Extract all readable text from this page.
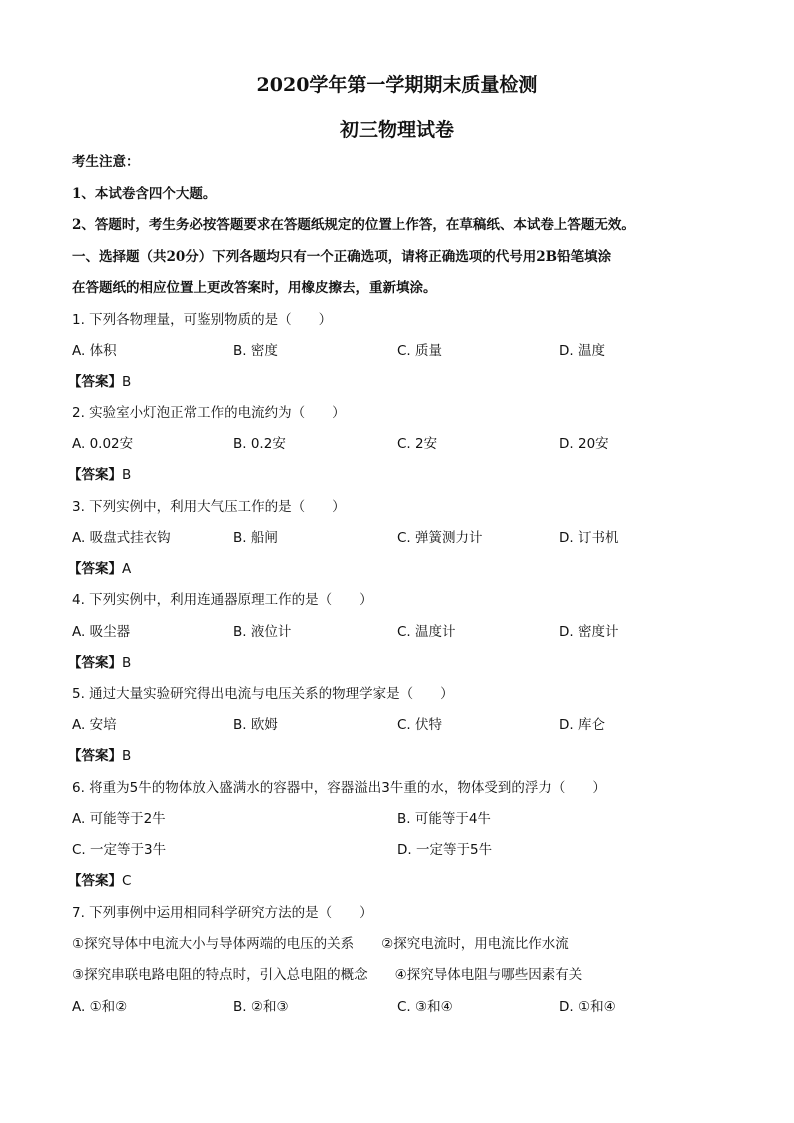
2020学年第一学期期末质量检测
初三物理试卷
考生注意：
1、本试卷含四个大题。
2、答题时，考生务必按答题要求在答题纸规定的位置上作答，在草稿纸、本试卷上答题无效。
一、选择题（共20分）下列各题均只有一个正确选项，请将正确选项的代号用2B铅笔填涂
在答题纸的相应位置上更改答案时，用橡皮擦去，重新填涂。
1. 下列各物理量，可鉴别物质的是（　　）
A. 体积	B. 密度	C. 质量	D. 温度
【答案】B
2. 实验室小灯泡正常工作的电流约为（　　）
A. 0.02安	B. 0.2安	C. 2安	D. 20安
【答案】B
3. 下列实例中，利用大气压工作的是（　　）
A. 吸盘式挂衣钩	B. 船闸	C. 弹簧测力计	D. 订书机
【答案】A
4. 下列实例中，利用连通器原理工作的是（　　）
A. 吸尘器	B. 液位计	C. 温度计	D. 密度计
【答案】B
5. 通过大量实验研究得出电流与电压关系的物理学家是（　　）
A. 安培	B. 欧姆	C. 伏特	D. 库仑
【答案】B
6. 将重为5牛的物体放入盛满水的容器中，容器溢出3牛重的水，物体受到的浮力（　　）
A. 可能等于2牛	B. 可能等于4牛
C. 一定等于3牛	D. 一定等于5牛
【答案】C
7. 下列事例中运用相同科学研究方法的是（　　）
①探究导体中电流大小与导体两端的电压的关系　　②探究电流时，用电流比作水流
③探究串联电路电阻的特点时，引入总电阻的概念　　④探究导体电阻与哪些因素有关
A. ①和②	B. ②和③	C. ③和④	D. ①和④
